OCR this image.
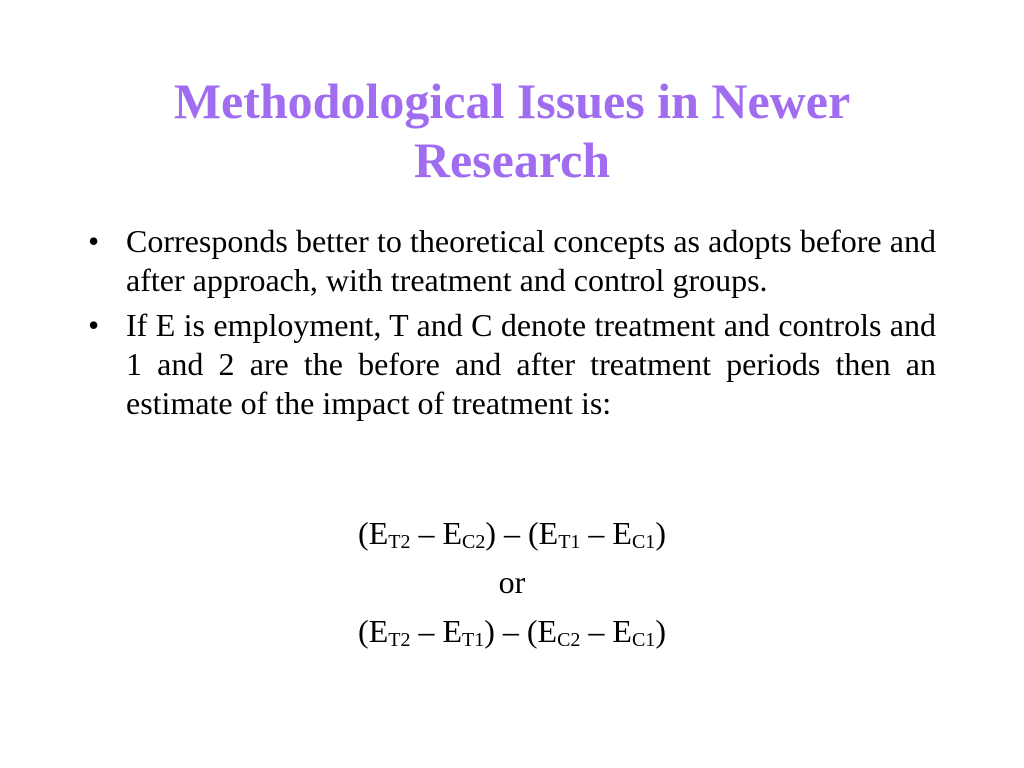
Methodological Issues in Newer
Research
• Corresponds better to theoretical concepts as adopts before and after approach, with treatment and control groups.
• If E is employment, T and C denote treatment and controls and 1 and 2 are the before and after treatment periods then an estimate of the impact of treatment is:
$(E_{T2} - E_{C2}) - (E_{T1} - E_{C1})$
or
$(E_{T2} - E_{T1}) - (E_{C2} - E_{C1})$
